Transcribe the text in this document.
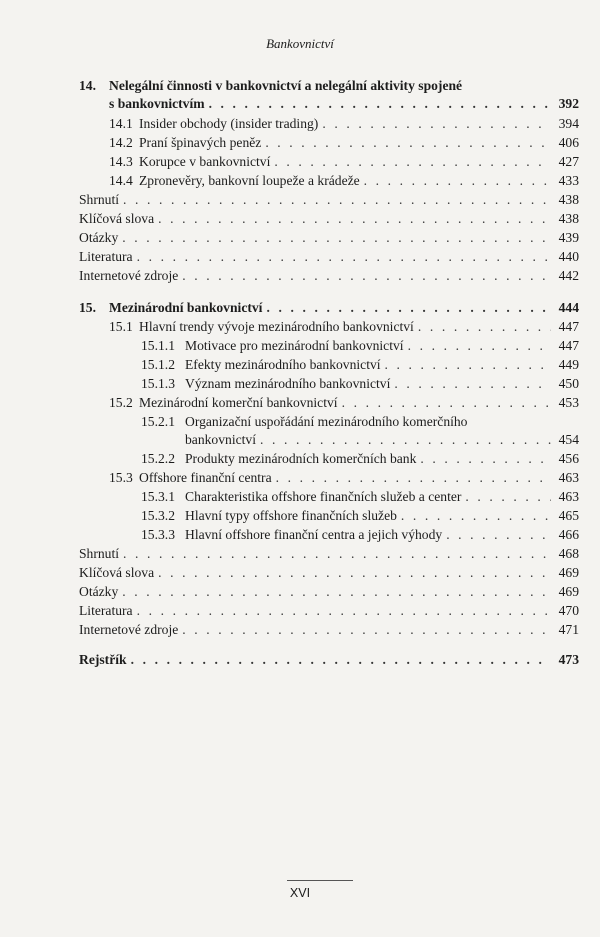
Bankovnictví
14. Nelegální činnosti v bankovnictví a nelegální aktivity spojené
s bankovnictvím . . .	392
14.1 Insider obchody (insider trading) . . .	394
14.2 Praní špinavých peněz . . .	406
14.3 Korupce v bankovnictví . . .	427
14.4 Zpronevěry, bankovní loupeže a krádeže . . .	433
Shrnutí . . .	438
Klíčová slova . . .	438
Otázky . . .	439
Literatura . . .	440
Internetové zdroje . . .	442
15. Mezinárodní bankovnictví . . .	444
15.1 Hlavní trendy vývoje mezinárodního bankovnictví . . .	447
15.1.1 Motivace pro mezinárodní bankovnictví . . .	447
15.1.2 Efekty mezinárodního bankovnictví . . .	449
15.1.3 Význam mezinárodního bankovnictví . . .	450
15.2 Mezinárodní komerční bankovnictví . . .	453
15.2.1 Organizační uspořádání mezinárodního komerčního
bankovnictví . . .	454
15.2.2 Produkty mezinárodních komerčních bank . . .	456
15.3 Offshore finanční centra . . .	463
15.3.1 Charakteristika offshore finančních služeb a center . . .	463
15.3.2 Hlavní typy offshore finančních služeb . . .	465
15.3.3 Hlavní offshore finanční centra a jejich výhody . . .	466
Shrnutí . . .	468
Klíčová slova . . .	469
Otázky . . .	469
Literatura . . .	470
Internetové zdroje . . .	471
Rejstřík . . .	473
XVI
